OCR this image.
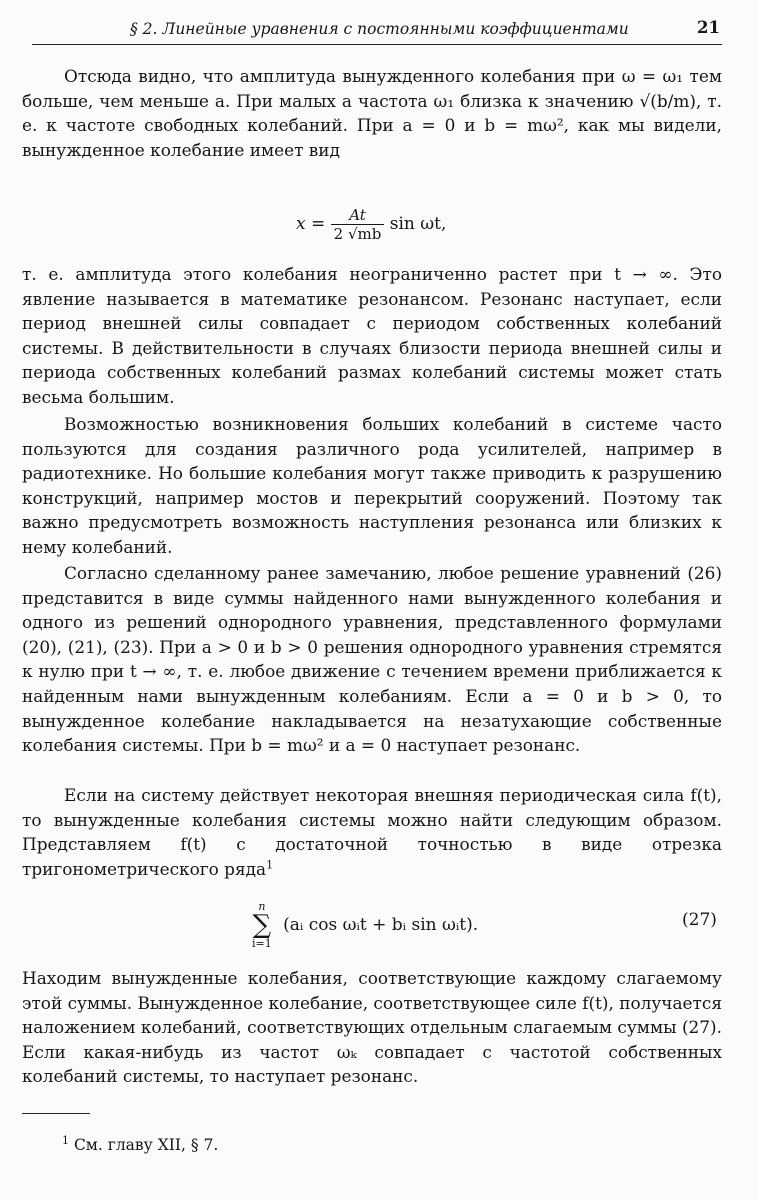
§ 2. Линейные уравнения с постоянными коэффициентами	21
Отсюда видно, что амплитуда вынужденного колебания при ω = ω₁ тем больше, чем меньше a. При малых a частота ω₁ близка к значению √(b/m), т. е. к частоте свободных колебаний. При a = 0 и b = mω², как мы видели, вынужденное колебание имеет вид
$x = \frac{At}{2 √mb}$ sin ωt,
т. е. амплитуда этого колебания неограниченно растет при t → ∞. Это явление называется в математике резонансом. Резонанс наступает, если период внешней силы совпадает с периодом собственных колебаний системы. В действительности в случаях близости периода внешней силы и периода собственных колебаний размах колебаний системы может стать весьма большим.
Возможностью возникновения больших колебаний в системе часто пользуются для создания различного рода усилителей, например в радиотехнике. Но большие колебания могут также приводить к разрушению конструкций, например мостов и перекрытий сооружений. Поэтому так важно предусмотреть возможность наступления резонанса или близких к нему колебаний.
Согласно сделанному ранее замечанию, любое решение уравнений (26) представится в виде суммы найденного нами вынужденного колебания и одного из решений однородного уравнения, представленного формулами (20), (21), (23). При a > 0 и b > 0 решения однородного уравнения стремятся к нулю при t → ∞, т. е. любое движение с течением времени приближается к найденным нами вынужденным колебаниям. Если a = 0 и b > 0, то вынужденное колебание накладывается на незатухающие собственные колебания системы. При b = mω² и a = 0 наступает резонанс.
Если на систему действует некоторая внешняя периодическая сила f(t), то вынужденные колебания системы можно найти следующим образом. Представляем f(t) с достаточной точностью в виде отрезка тригонометрического ряда$^1$
n
∑
i=1
(aᵢ cos ωᵢt + bᵢ sin ωᵢt).	(27)
Находим вынужденные колебания, соответствующие каждому слагаемому этой суммы. Вынужденное колебание, соответствующее силе f(t), получается наложением колебаний, соответствующих отдельным слагаемым суммы (27). Если какая-нибудь из частот ωₖ совпадает с частотой собственных колебаний системы, то наступает резонанс.
$^1$ См. главу XII, § 7.
